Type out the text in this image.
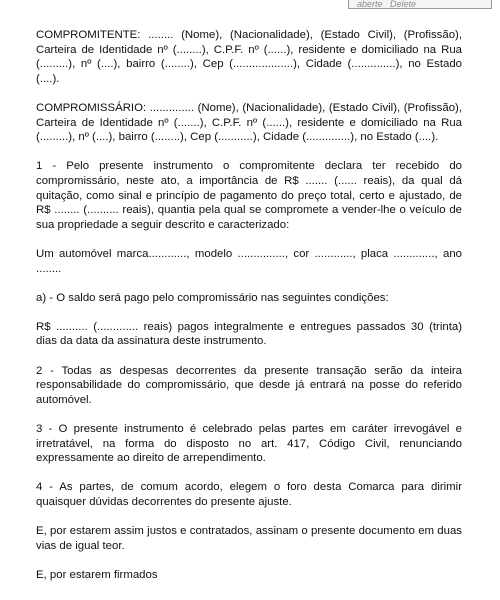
aberte Delete

COMPROMITENTE: ........ (Nome), (Nacionalidade), (Estado Civil), (Profissão), Carteira de Identidade nº (........), C.P.F. nº (......), residente e domiciliado na Rua (.........), nº (....), bairro (........), Cep (...................), Cidade (..............), no Estado (....).

COMPROMISSÁRIO: .............. (Nome), (Nacionalidade), (Estado Civil), (Profissão), Carteira de Identidade nº (.......), C.P.F. nº (......), residente e domiciliado na Rua (.........), nº (....), bairro (........), Cep (...........), Cidade (..............), no Estado (....).

1 - Pelo presente instrumento o compromitente declara ter recebido do compromissário, neste ato, a importância de R$ ....... (...... reais), da qual dá quitação, como sinal e princípio de pagamento do preço total, certo e ajustado, de R$ ........ (.......... reais), quantia pela qual se compromete a vender-lhe o veículo de sua propriedade a seguir descrito e caracterizado:

Um automóvel marca............, modelo ..............., cor ............, placa ............., ano ........

a) - O saldo será pago pelo compromissário nas seguintes condições:

R$ .......... (............. reais) pagos integralmente e entregues passados 30 (trinta) dias da data da assinatura deste instrumento.

2 - Todas as despesas decorrentes da presente transação serão da inteira responsabilidade do compromissário, que desde já entrará na posse do referido automóvel.

3 - O presente instrumento é celebrado pelas partes em caráter irrevogável e irretratável, na forma do disposto no art. 417, Código Civil, renunciando expressamente ao direito de arrependimento.

4 - As partes, de comum acordo, elegem o foro desta Comarca para dirimir quaisquer dúvidas decorrentes do presente ajuste.

E, por estarem assim justos e contratados, assinam o presente documento em duas vias de igual teor.

E, por estarem firmados
